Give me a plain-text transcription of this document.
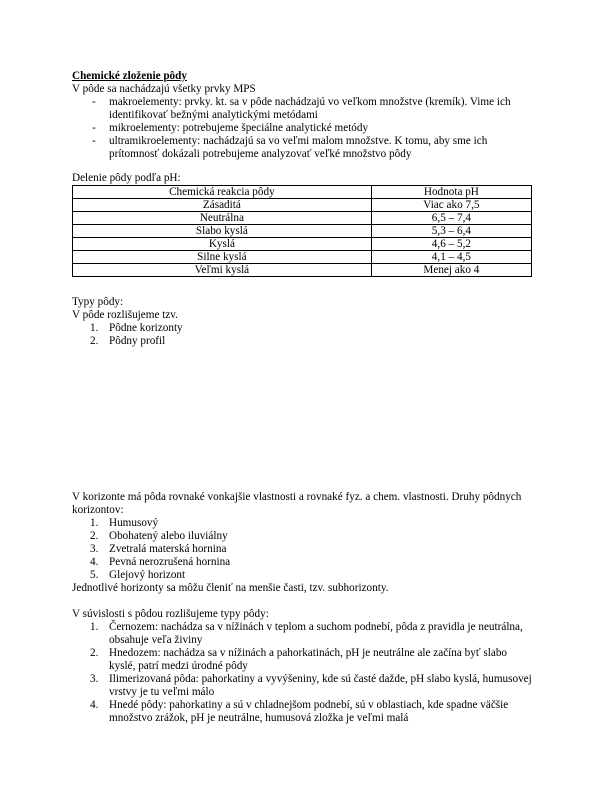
Chemické zloženie pôdy
V pôde sa nachádzajú všetky prvky MPS
- makroelementy: prvky. kt. sa v pôde nachádzajú vo veľkom množstve (kremík). Vime ich identifikovať bežnými analytickými metódami
- mikroelementy: potrebujeme špeciálne analytické metódy
- ultramikroelementy: nachádzajú sa vo veľmi malom množstve. K tomu, aby sme ich prítomnosť dokázali potrebujeme analyzovať veľké množstvo pôdy
Delenie pôdy podľa pH:
Chemická reakcia pôdy	Hodnota pH
Zásaditá	Viac ako 7,5
Neutrálna	6,5 – 7,4
Slabo kyslá	5,3 – 6,4
Kyslá	4,6 – 5,2
Silne kyslá	4,1 – 4,5
Veľmi kyslá	Menej ako 4
Typy pôdy:
V pôde rozlišujeme tzv.
1. Pôdne korizonty
2. Pôdny profil
V korizonte má pôda rovnaké vonkajšie vlastnosti a rovnaké fyz. a chem. vlastnosti. Druhy pôdnych korizontov:
1. Humusový
2. Obohatený alebo iluviálny
3. Zvetralá materská hornina
4. Pevná nerozrušená hornina
5. Glejový horizont
Jednotlivé horizonty sa môžu členiť na menšie časti, tzv. subhorizonty.
V súvislosti s pôdou rozlišujeme typy pôdy:
1. Černozem: nachádza sa v nížinách v teplom a suchom podnebí, pôda z pravidla je neutrálna, obsahuje veľa živiny
2. Hnedozem: nachádza sa v nížinách a pahorkatinách, pH je neutrálne ale začína byť slabo kyslé, patrí medzi úrodné pôdy
3. Ilimerizovaná pôda: pahorkatiny a vyvýšeniny, kde sú časté dažde, pH slabo kyslá, humusovej vrstvy je tu veľmi málo
4. Hnedé pôdy: pahorkatiny a sú v chladnejšom podnebí, sú v oblastiach, kde spadne väčšie množstvo zrážok, pH je neutrálne, humusová zložka je veľmi malá
